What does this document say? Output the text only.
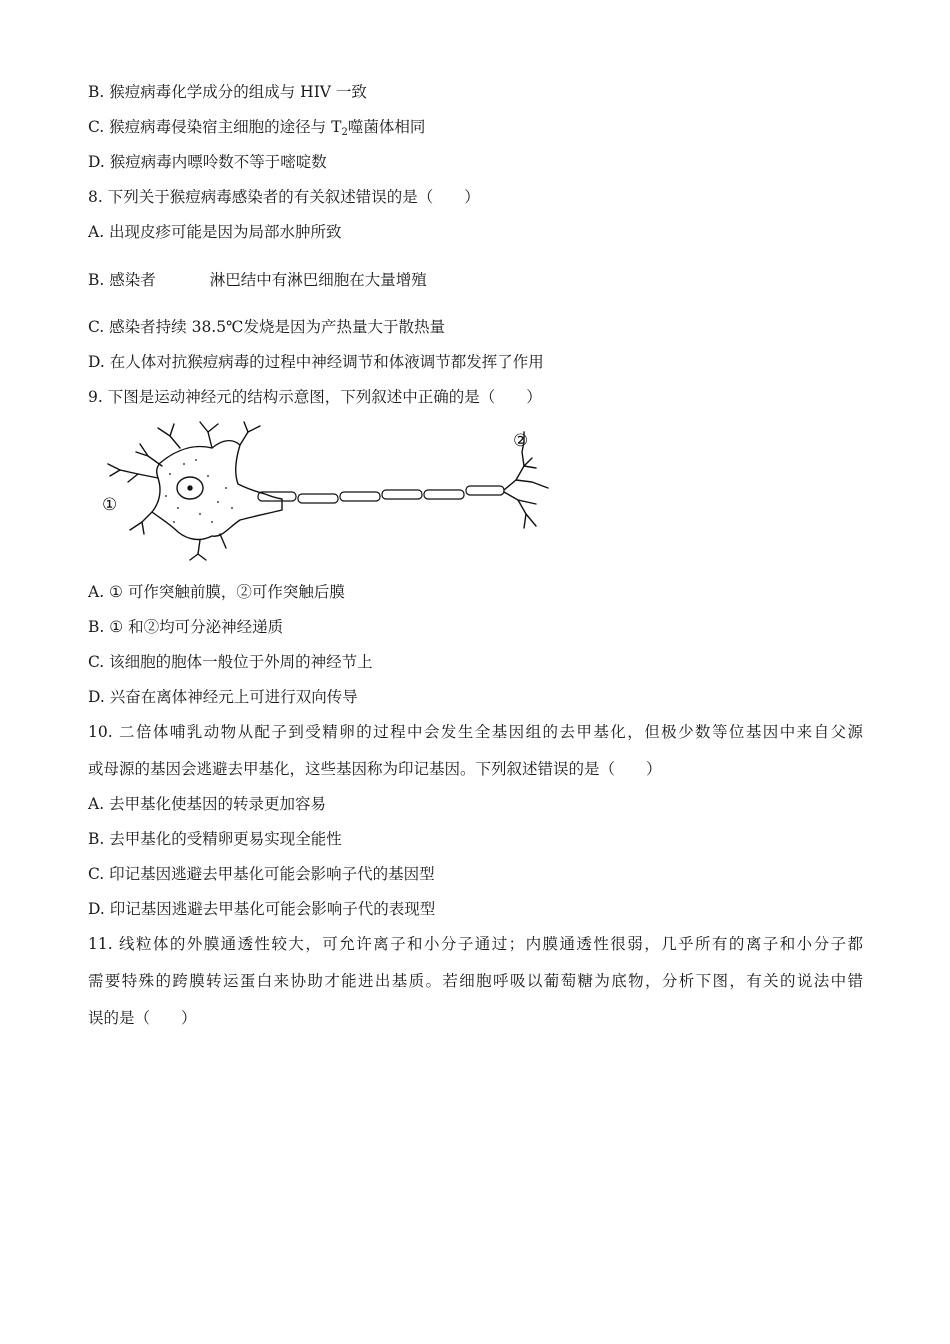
B. 猴痘病毒化学成分的组成与 HIV 一致
C. 猴痘病毒侵染宿主细胞的途径与 $T_2$噬菌体相同
D. 猴痘病毒内嘌呤数不等于嘧啶数
8. 下列关于猴痘病毒感染者的有关叙述错误的是（　　）
A. 出现皮疹可能是因为局部水肿所致
B. 感染者	淋巴结中有淋巴细胞在大量增殖
C. 感染者持续 38.5℃发烧是因为产热量大于散热量
D. 在人体对抗猴痘病毒的过程中神经调节和体液调节都发挥了作用
9. 下图是运动神经元的结构示意图，下列叙述中正确的是（　　）
①
②
A. ① 可作突触前膜，②可作突触后膜
B. ① 和②均可分泌神经递质
C. 该细胞的胞体一般位于外周的神经节上
D. 兴奋在离体神经元上可进行双向传导
10. 二倍体哺乳动物从配子到受精卵的过程中会发生全基因组的去甲基化，但极少数等位基因中来自父源
或母源的基因会逃避去甲基化，这些基因称为印记基因。下列叙述错误的是（　　）
A. 去甲基化使基因的转录更加容易
B. 去甲基化的受精卵更易实现全能性
C. 印记基因逃避去甲基化可能会影响子代的基因型
D. 印记基因逃避去甲基化可能会影响子代的表现型
11. 线粒体的外膜通透性较大，可允许离子和小分子通过；内膜通透性很弱，几乎所有的离子和小分子都
需要特殊的跨膜转运蛋白来协助才能进出基质。若细胞呼吸以葡萄糖为底物，分析下图，有关的说法中错
误的是（　　）
